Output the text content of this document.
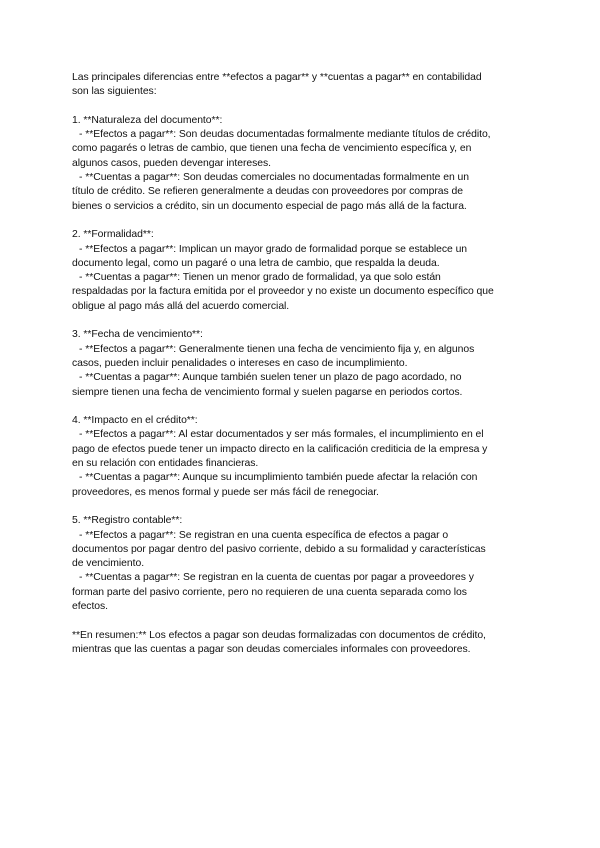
Las principales diferencias entre **efectos a pagar** y **cuentas a pagar** en contabilidad
son las siguientes:
1. **Naturaleza del documento**:
- **Efectos a pagar**: Son deudas documentadas formalmente mediante títulos de crédito,
como pagarés o letras de cambio, que tienen una fecha de vencimiento específica y, en
algunos casos, pueden devengar intereses.
- **Cuentas a pagar**: Son deudas comerciales no documentadas formalmente en un
título de crédito. Se refieren generalmente a deudas con proveedores por compras de
bienes o servicios a crédito, sin un documento especial de pago más allá de la factura.
2. **Formalidad**:
- **Efectos a pagar**: Implican un mayor grado de formalidad porque se establece un
documento legal, como un pagaré o una letra de cambio, que respalda la deuda.
- **Cuentas a pagar**: Tienen un menor grado de formalidad, ya que solo están
respaldadas por la factura emitida por el proveedor y no existe un documento específico que
obligue al pago más allá del acuerdo comercial.
3. **Fecha de vencimiento**:
- **Efectos a pagar**: Generalmente tienen una fecha de vencimiento fija y, en algunos
casos, pueden incluir penalidades o intereses en caso de incumplimiento.
- **Cuentas a pagar**: Aunque también suelen tener un plazo de pago acordado, no
siempre tienen una fecha de vencimiento formal y suelen pagarse en periodos cortos.
4. **Impacto en el crédito**:
- **Efectos a pagar**: Al estar documentados y ser más formales, el incumplimiento en el
pago de efectos puede tener un impacto directo en la calificación crediticia de la empresa y
en su relación con entidades financieras.
- **Cuentas a pagar**: Aunque su incumplimiento también puede afectar la relación con
proveedores, es menos formal y puede ser más fácil de renegociar.
5. **Registro contable**:
- **Efectos a pagar**: Se registran en una cuenta específica de efectos a pagar o
documentos por pagar dentro del pasivo corriente, debido a su formalidad y características
de vencimiento.
- **Cuentas a pagar**: Se registran en la cuenta de cuentas por pagar a proveedores y
forman parte del pasivo corriente, pero no requieren de una cuenta separada como los
efectos.
**En resumen:** Los efectos a pagar son deudas formalizadas con documentos de crédito,
mientras que las cuentas a pagar son deudas comerciales informales con proveedores.
